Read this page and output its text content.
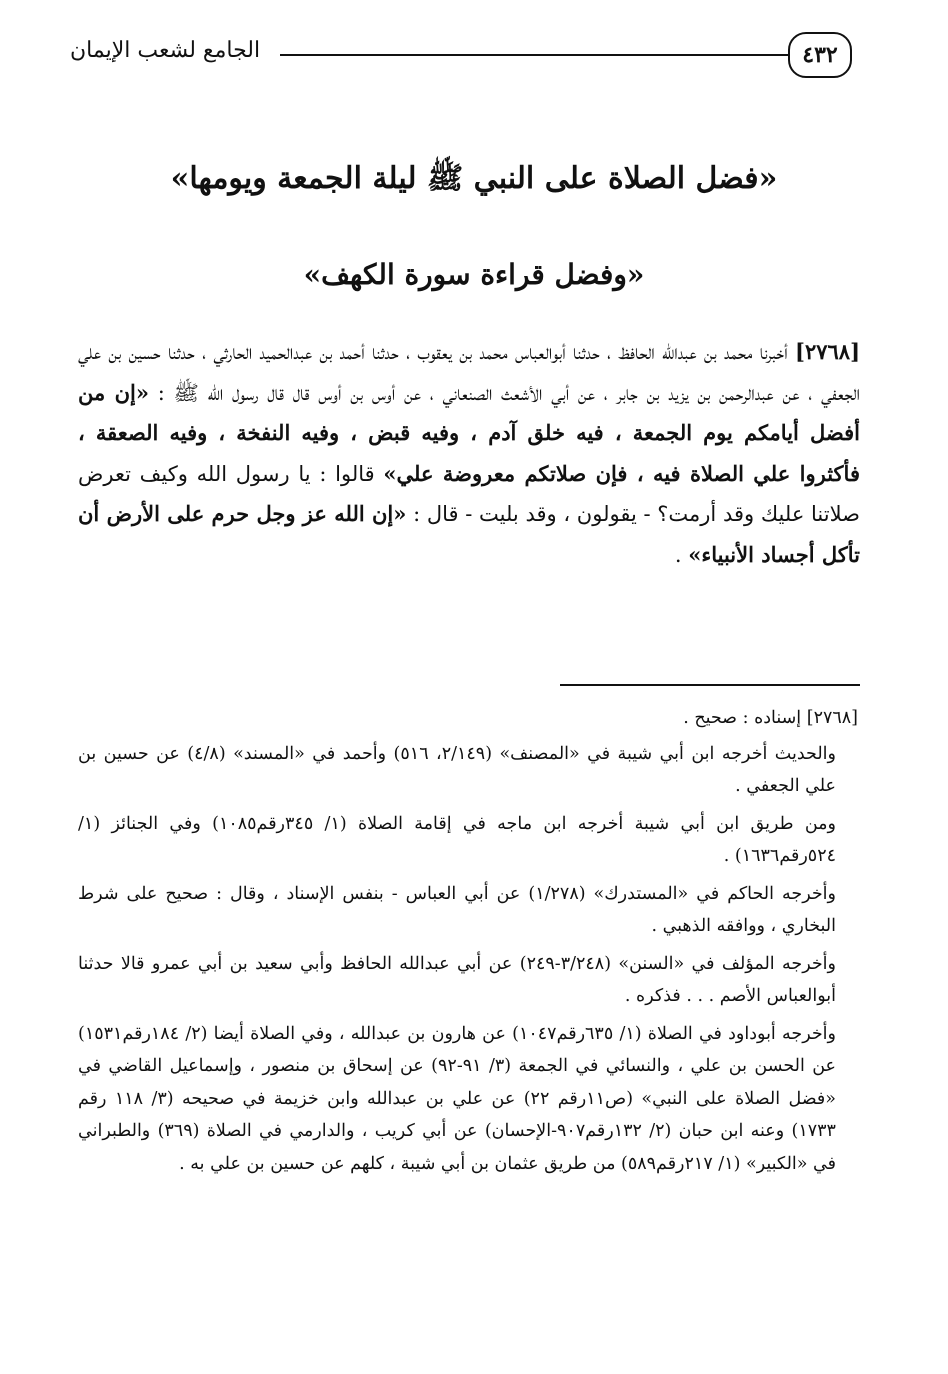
٤٣٢
الجامع لشعب الإيمان
«فضل الصلاة على النبي ﷺ ليلة الجمعة ويومها»
«وفضل قراءة سورة الكهف»
[٢٧٦٨] أخبرنا محمد بن عبدالله الحافظ ، حدثنا أبوالعباس محمد بن يعقوب ، حدثنا أحمد بن عبدالحميد الحارثي ، حدثنا حسين بن علي الجعفي ، عن عبدالرحمن بن يزيد بن جابر ، عن أبي الأشعث الصنعاني ، عن أوس بن أوس قال قال رسول الله ﷺ : «إن من أفضل أيامكم يوم الجمعة ، فيه خلق آدم ، وفيه قبض ، وفيه النفخة ، وفيه الصعقة ، فأكثروا علي الصلاة فيه ، فإن صلاتكم معروضة علي» قالوا : يا رسول الله وكيف تعرض صلاتنا عليك وقد أرمت؟ - يقولون ، وقد بليت - قال : «إن الله عز وجل حرم على الأرض أن تأكل أجساد الأنبياء» .

[٢٧٦٨] إسناده : صحيح .

والحديث أخرجه ابن أبي شيبة في «المصنف» (٢/١٤٩، ٥١٦) وأحمد في «المسند» (٤/٨) عن حسين بن علي الجعفي .

ومن طريق ابن أبي شيبة أخرجه ابن ماجه في إقامة الصلاة (١/ ٣٤٥رقم١٠٨٥) وفي الجنائز (١/ ٥٢٤رقم١٦٣٦) .

وأخرجه الحاكم في «المستدرك» (١/٢٧٨) عن أبي العباس - بنفس الإسناد ، وقال : صحيح على شرط البخاري ، ووافقه الذهبي .

وأخرجه المؤلف في «السنن» (٣/٢٤٨-٢٤٩) عن أبي عبدالله الحافظ وأبي سعيد بن أبي عمرو قالا حدثنا أبوالعباس الأصم . . . فذكره .

وأخرجه أبوداود في الصلاة (١/ ٦٣٥رقم١٠٤٧) عن هارون بن عبدالله ، وفي الصلاة أيضا (٢/ ١٨٤رقم١٥٣١) عن الحسن بن علي ، والنسائي في الجمعة (٣/ ٩١-٩٢) عن إسحاق بن منصور ، وإسماعيل القاضي في «فضل الصلاة على النبي» (ص١١رقم ٢٢) عن علي بن عبدالله وابن خزيمة في صحيحه (٣/ ١١٨ رقم ١٧٣٣) وعنه ابن حبان (٢/ ١٣٢رقم٩٠٧-الإحسان) عن أبي كريب ، والدارمي في الصلاة (٣٦٩) والطبراني في «الكبير» (١/ ٢١٧رقم٥٨٩) من طريق عثمان بن أبي شيبة ، كلهم عن حسين بن علي به .
